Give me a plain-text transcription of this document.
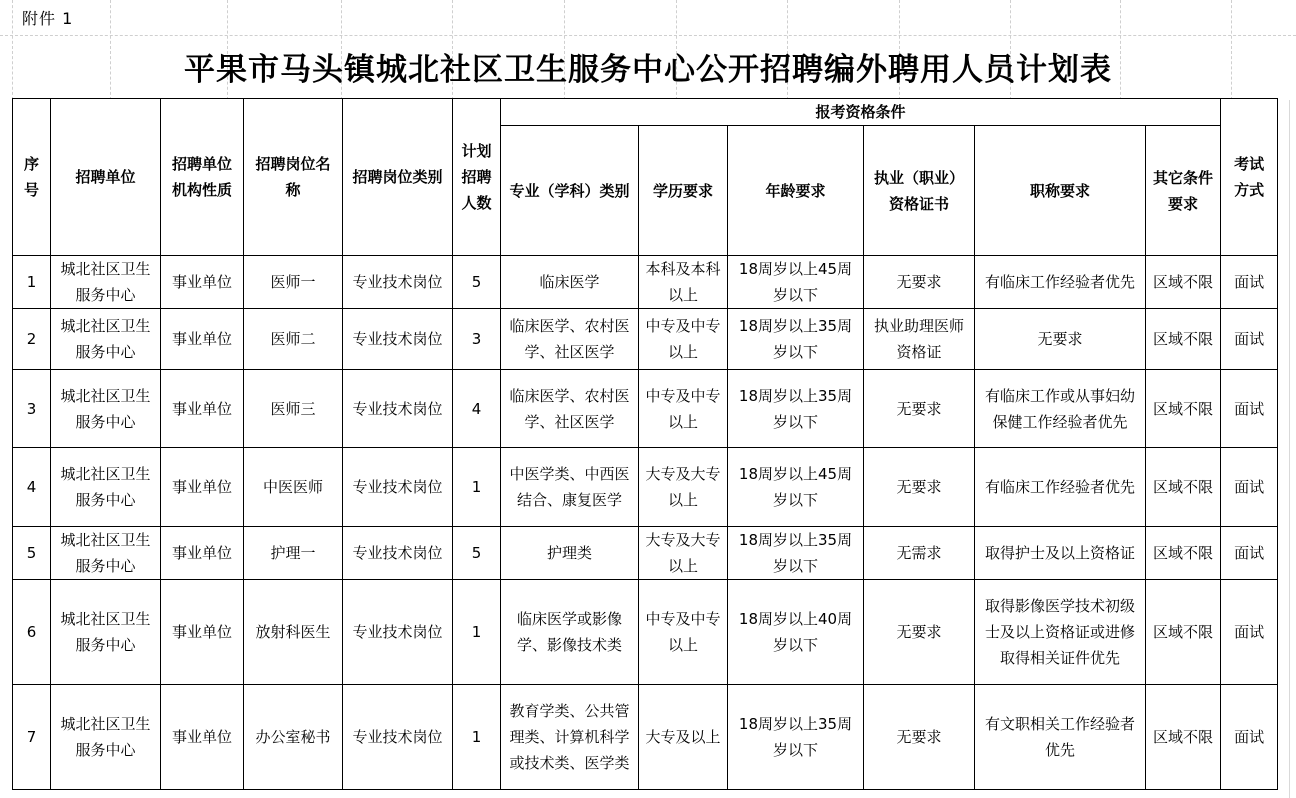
附件 1
平果市马头镇城北社区卫生服务中心公开招聘编外聘用人员计划表
序号	招聘单位	招聘单位机构性质	招聘岗位名称	招聘岗位类别	计划招聘人数	报考资格条件						考试方式
						专业（学科）类别	学历要求	年龄要求	执业（职业）资格证书	职称要求	其它条件要求	
1	城北社区卫生服务中心	事业单位	医师一	专业技术岗位	5	临床医学	本科及本科以上	18周岁以上45周岁以下	无要求	有临床工作经验者优先	区域不限	面试
2	城北社区卫生服务中心	事业单位	医师二	专业技术岗位	3	临床医学、农村医学、社区医学	中专及中专以上	18周岁以上35周岁以下	执业助理医师资格证	无要求	区域不限	面试
3	城北社区卫生服务中心	事业单位	医师三	专业技术岗位	4	临床医学、农村医学、社区医学	中专及中专以上	18周岁以上35周岁以下	无要求	有临床工作或从事妇幼保健工作经验者优先	区域不限	面试
4	城北社区卫生服务中心	事业单位	中医医师	专业技术岗位	1	中医学类、中西医结合、康复医学	大专及大专以上	18周岁以上45周岁以下	无要求	有临床工作经验者优先	区域不限	面试
5	城北社区卫生服务中心	事业单位	护理一	专业技术岗位	5	护理类	大专及大专以上	18周岁以上35周岁以下	无需求	取得护士及以上资格证	区域不限	面试
6	城北社区卫生服务中心	事业单位	放射科医生	专业技术岗位	1	临床医学或影像学、影像技术类	中专及中专以上	18周岁以上40周岁以下	无要求	取得影像医学技术初级士及以上资格证或进修取得相关证件优先	区域不限	面试
7	城北社区卫生服务中心	事业单位	办公室秘书	专业技术岗位	1	教育学类、公共管理类、计算机科学或技术类、医学类	大专及以上	18周岁以上35周岁以下	无要求	有文职相关工作经验者优先	区域不限	面试
